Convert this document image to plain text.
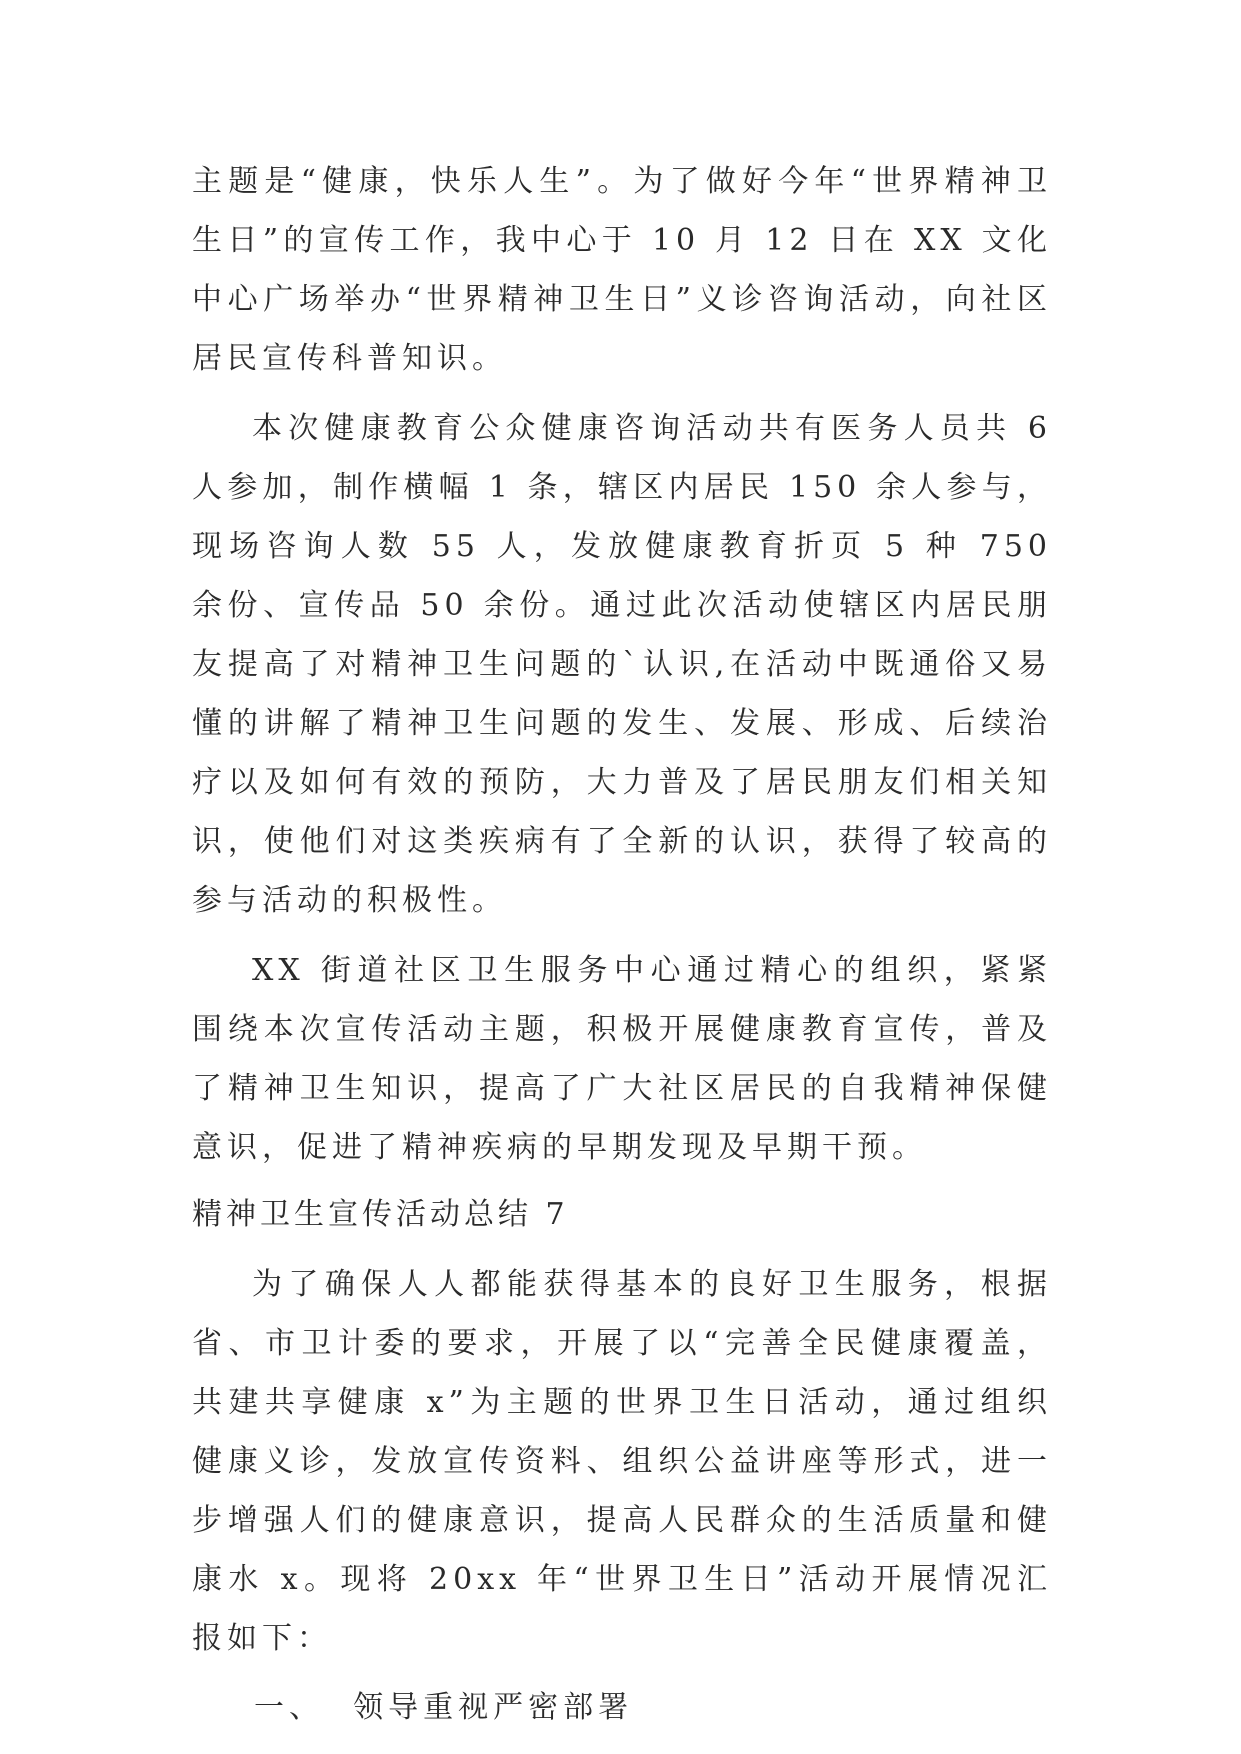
主题是“健康，快乐人生”。为了做好今年“世界精神卫生日”的宣传工作，我中心于 10 月 12 日在 XX 文化中心广场举办“世界精神卫生日”义诊咨询活动，向社区居民宣传科普知识。

本次健康教育公众健康咨询活动共有医务人员共 6 人参加，制作横幅 1 条，辖区内居民 150 余人参与，现场咨询人数 55 人，发放健康教育折页 5 种 750 余份、宣传品 50 余份。通过此次活动使辖区内居民朋友提高了对精神卫生问题的`认识,在活动中既通俗又易懂的讲解了精神卫生问题的发生、发展、形成、后续治疗以及如何有效的预防，大力普及了居民朋友们相关知识，使他们对这类疾病有了全新的认识，获得了较高的参与活动的积极性。

XX 街道社区卫生服务中心通过精心的组织，紧紧围绕本次宣传活动主题，积极开展健康教育宣传，普及了精神卫生知识，提高了广大社区居民的自我精神保健意识，促进了精神疾病的早期发现及早期干预。

精神卫生宣传活动总结 7

为了确保人人都能获得基本的良好卫生服务，根据省、市卫计委的要求，开展了以“完善全民健康覆盖，共建共享健康 x”为主题的世界卫生日活动，通过组织健康义诊，发放宣传资料、组织公益讲座等形式，进一步增强人们的健康意识，提高人民群众的生活质量和健康水 x。现将 20xx 年“世界卫生日”活动开展情况汇报如下：

一、  领导重视严密部署
